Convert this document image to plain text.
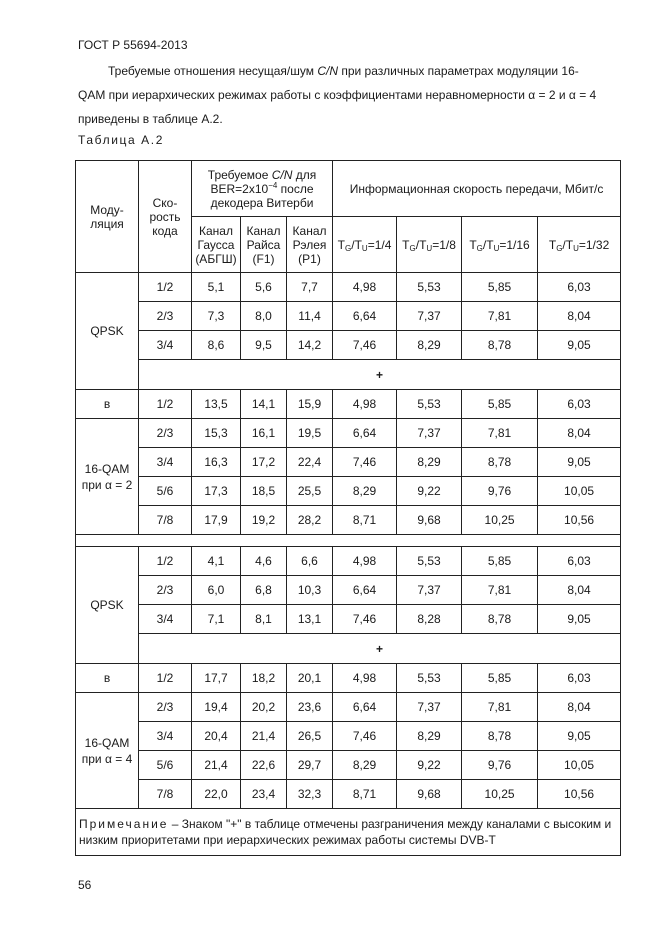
ГОСТ Р 55694-2013
Требуемые отношения несущая/шум C/N при различных параметрах модуляции 16-QAM при иерархических режимах работы с коэффициентами неравномерности α = 2 и α = 4 приведены в таблице А.2.
Таблица А.2
Моду-ляция	Ско-рость кода	Требуемое C/N для $BER=2x10^{-4}$ после декодера Витерби			Информационная скорость передачи, Мбит/с			
		Канал Гаусса (АБГШ)	Канал Райса (F1)	Канал Рэлея (P1)	$T_G/T_U=1/4$	$T_G/T_U=1/8$	$T_G/T_U=1/16$	$T_G/T_U=1/32$

QPSK	1/2	5,1	5,6	7,7	4,98	5,53	5,85	6,03
	2/3	7,3	8,0	11,4	6,64	7,37	7,81	8,04
	3/4	8,6	9,5	14,2	7,46	8,29	8,78	9,05
	+							

в	1/2	13,5	14,1	15,9	4,98	5,53	5,85	6,03

16-QAM
при α = 2	2/3	15,3	16,1	19,5	6,64	7,37	7,81	8,04
	3/4	16,3	17,2	22,4	7,46	8,29	8,78	9,05
	5/6	17,3	18,5	25,5	8,29	9,22	9,76	10,05
	7/8	17,9	19,2	28,2	8,71	9,68	10,25	10,56

QPSK	1/2	4,1	4,6	6,6	4,98	5,53	5,85	6,03
	2/3	6,0	6,8	10,3	6,64	7,37	7,81	8,04
	3/4	7,1	8,1	13,1	7,46	8,28	8,78	9,05
	+							

в	1/2	17,7	18,2	20,1	4,98	5,53	5,85	6,03

16-QAM
при α = 4	2/3	19,4	20,2	23,6	6,64	7,37	7,81	8,04
	3/4	20,4	21,4	26,5	7,46	8,29	8,78	9,05
	5/6	21,4	22,6	29,7	8,29	9,22	9,76	10,05
	7/8	22,0	23,4	32,3	8,71	9,68	10,25	10,56
Примечание – Знаком "+" в таблице отмечены разграничения между каналами с высоким и низким приоритетами при иерархических режимах работы системы DVB-T								
56
